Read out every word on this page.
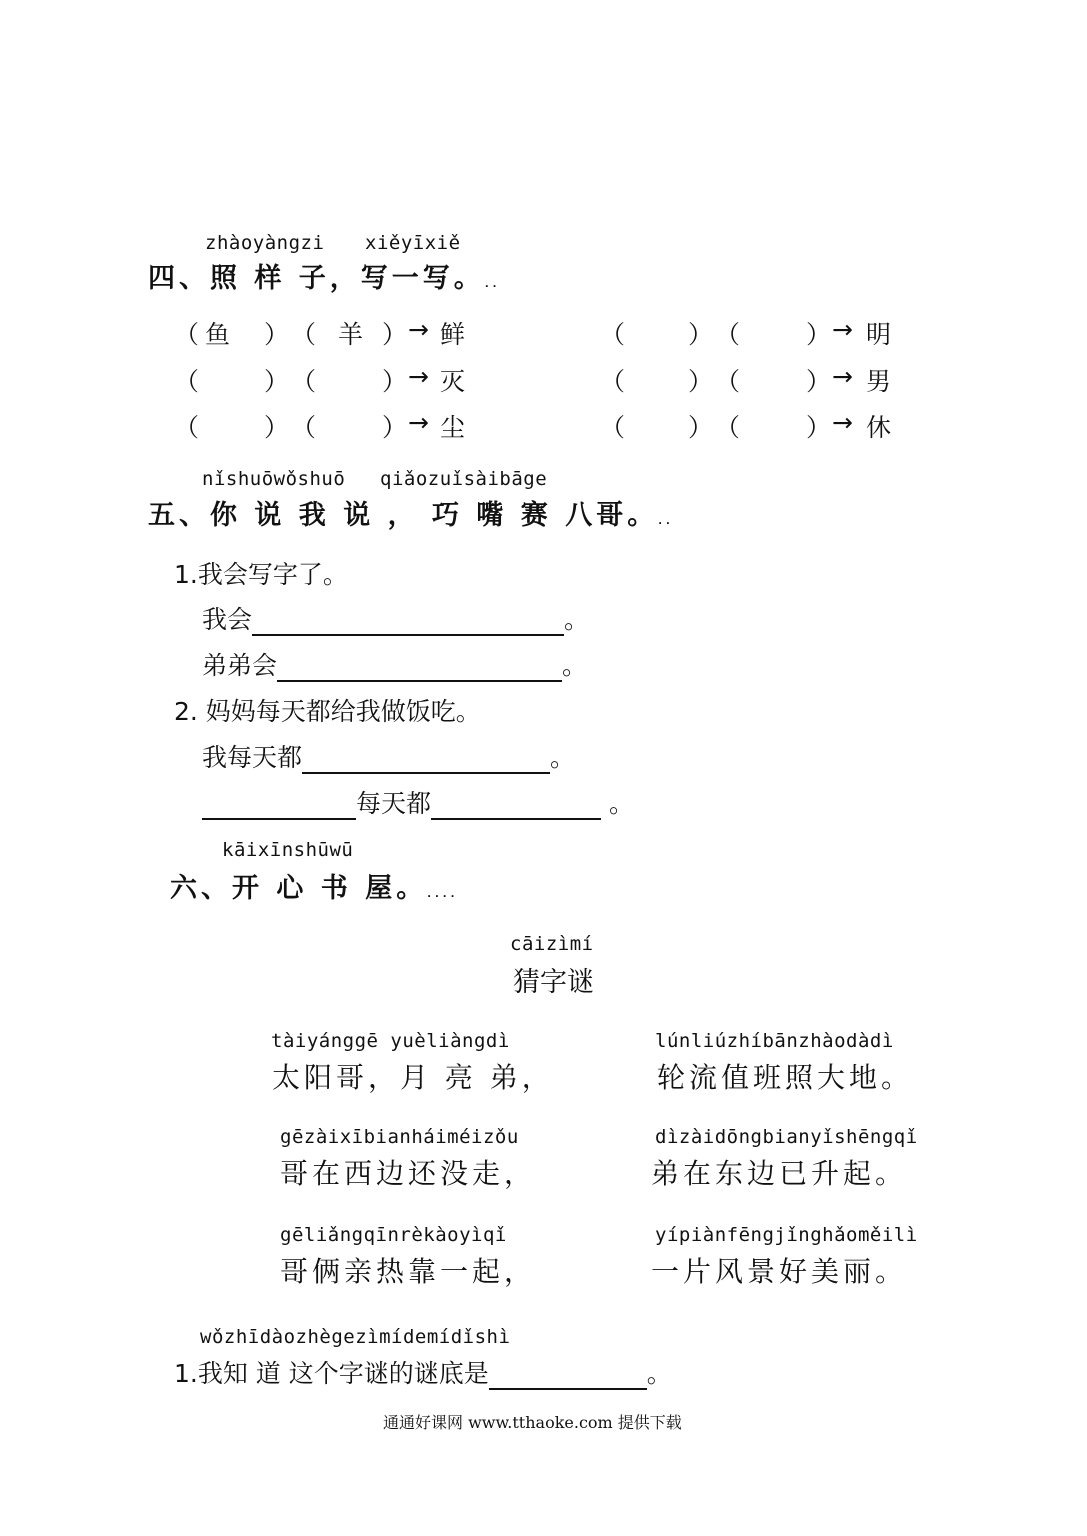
zhàoyàngzi xiěyīxiě
四、照 样 子，写一写。..
（ 鱼 ） （ 羊 ） → 鲜	（	） （	） → 明
（	） （	） → 灭	（	） （	） → 男
（	） （	） → 尘	（	） （	） → 休
nǐshuōwǒshuō qiǎozuǐsàibāge
五、你 说 我 说 ， 巧 嘴 赛 八哥。..
1.我会写字了。
我会	。
弟弟会	。
2. 妈妈每天都给我做饭吃。
我每天都	。
每天都	。
kāixīnshūwū
六、开 心 书 屋。....
cāizìmí
猜字谜
tàiyánggē yuèliàngdì
太阳哥，月 亮 弟，
lúnliúzhíbānzhàodàdì
轮流值班照大地。
gēzàixībianháiméizǒu
哥在西边还没走，
dìzàidōngbianyǐshēngqǐ
弟在东边已升起。
gēliǎngqīnrèkàoyìqǐ
哥俩亲热靠一起，
yípiànfēngjǐnghǎoměilì
一片风景好美丽。
wǒzhīdàozhègezìmídemídǐshì
1.我知 道 这个字谜的谜底是	。
通通好课网 www.tthaoke.com 提供下载
